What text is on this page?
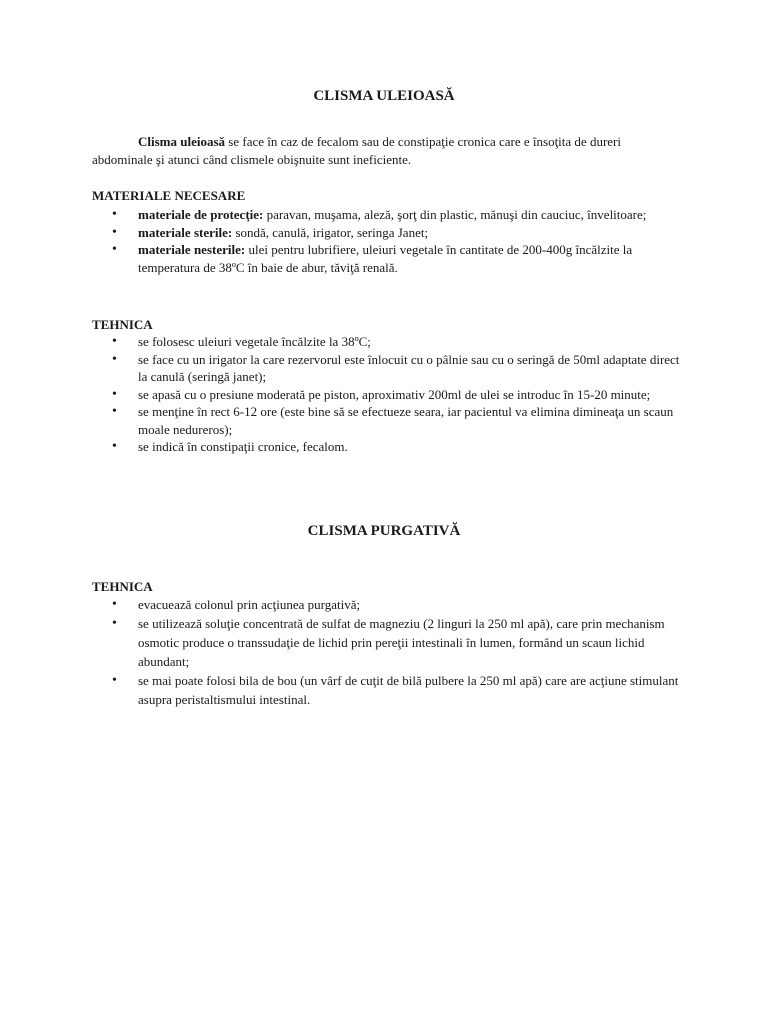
CLISMA ULEIOASĂ
Clisma uleioasă se face în caz de fecalom sau de constipaţie cronica care e însoţita de dureri abdominale şi atunci când clismele obişnuite sunt ineficiente.
MATERIALE NECESARE
• materiale de protecţie: paravan, muşama, aleză, şorţ din plastic, mănuşi din cauciuc, învelitoare;
• materiale sterile: sondă, canulă, irigator, seringa Janet;
• materiale nesterile: ulei pentru lubrifiere, uleiuri vegetale în cantitate de 200-400g încălzite la temperatura de 38ºC în baie de abur, tăviţă renală.
TEHNICA
• se folosesc uleiuri vegetale încălzite la 38ºC;
• se face cu un irigator la care rezervorul este înlocuit cu o pâlnie sau cu o seringă de 50ml adaptate direct la canulă (seringă janet);
• se apasă cu o presiune moderată pe piston, aproximativ 200ml de ulei se introduc în 15-20 minute;
• se menţine în rect 6-12 ore (este bine să se efectueze seara, iar pacientul va elimina dimineaţa un scaun moale nedureros);
• se indică în constipaţii cronice, fecalom.
CLISMA PURGATIVĂ
TEHNICA
• evacuează colonul prin acţiunea purgativă;
• se utilizează soluţie concentrată de sulfat de magneziu (2 linguri la 250 ml apă), care prin mechanism osmotic produce o transsudaţie de lichid prin pereţii intestinali în lumen, formând un scaun lichid abundant;
• se mai poate folosi bila de bou (un vârf de cuţit de bilă pulbere la 250 ml apă) care are acţiune stimulant asupra peristaltismului intestinal.
